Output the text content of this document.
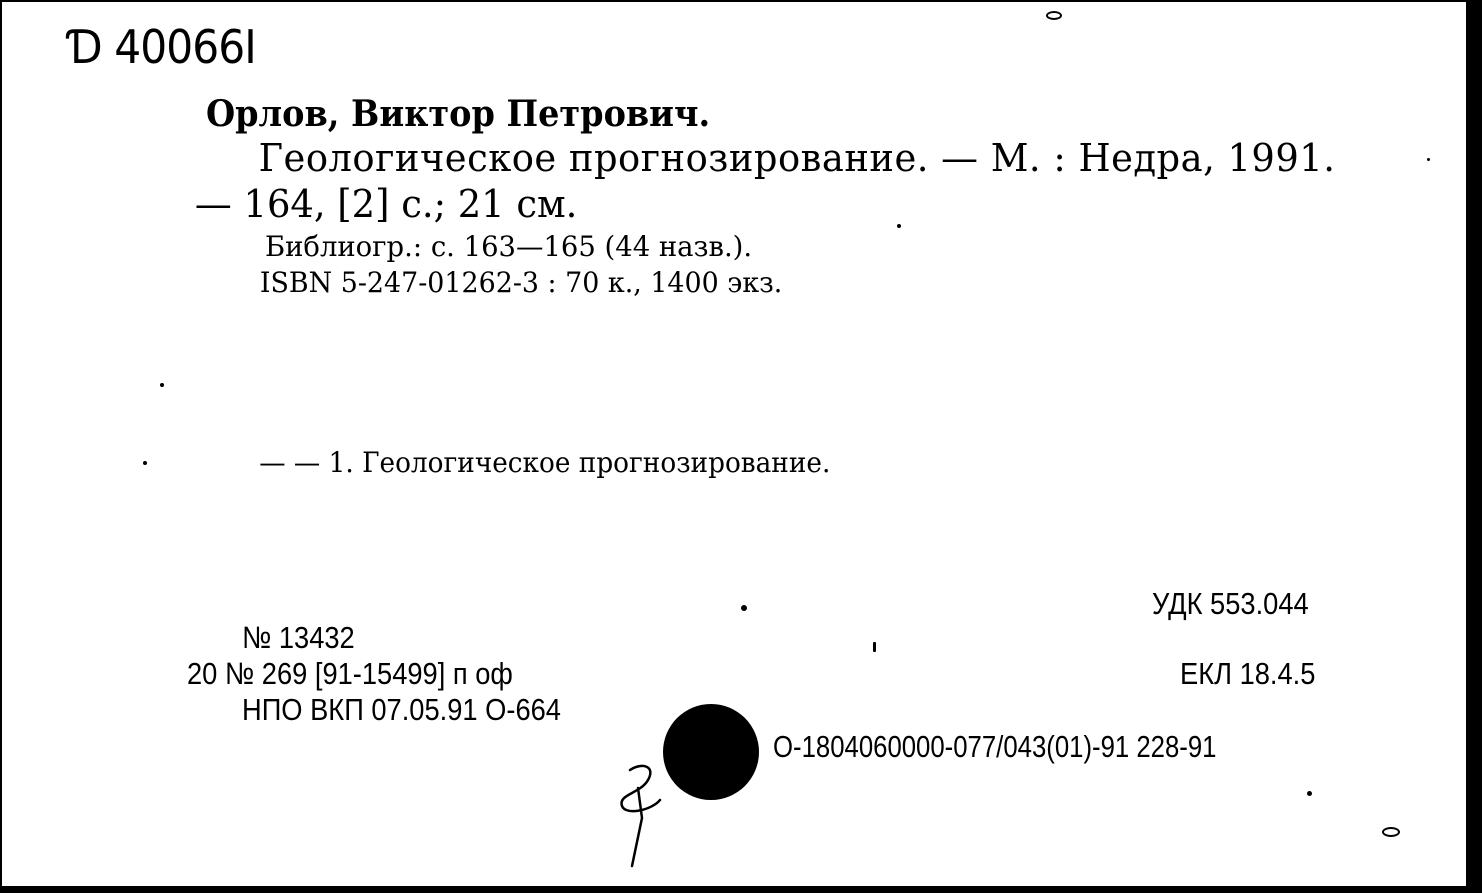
Ɗ 40066I
Орлов, Виктор Петрович.
Геологическое прогнозирование. — М. : Недра, 1991.
— 164, [2] с.; 21 см.
Библиогр.: с. 163—165 (44 назв.).
ISBN 5-247-01262-3 : 70 к., 1400 экз.
— — 1. Геологическое прогнозирование.
УДК 553.044
ЕКЛ 18.4.5
№ 13432
20 № 269 [91-15499] п оф
НПО ВКП 07.05.91 О-664
О-1804060000-077/043(01)-91 228-91
